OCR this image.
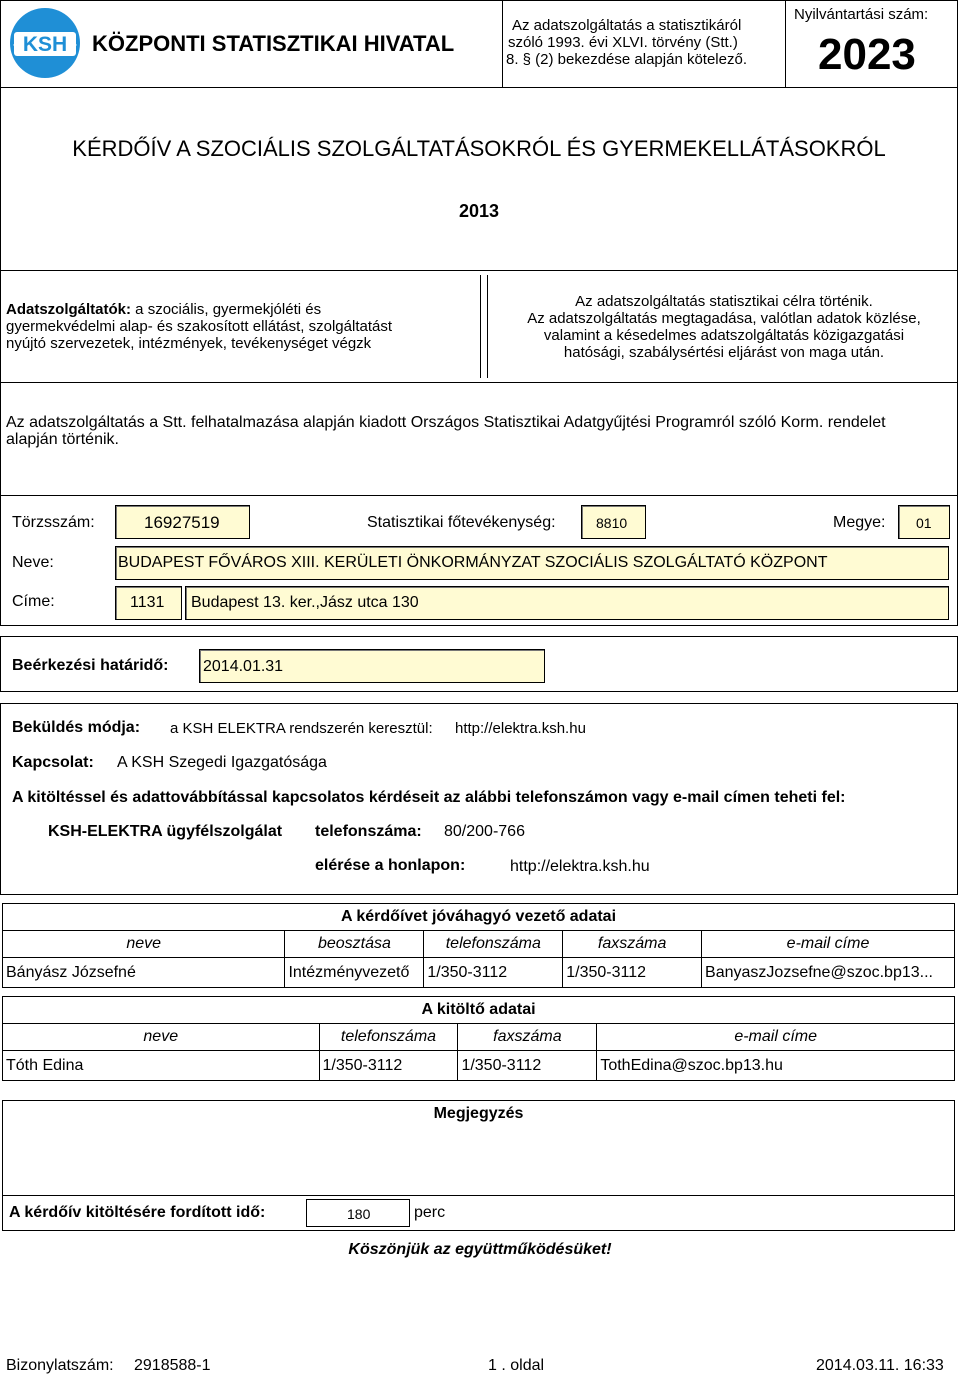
KSH KÖZPONTI STATISZTIKAI HIVATAL
Az adatszolgáltatás a statisztikáról
szóló 1993. évi XLVI. törvény (Stt.)
8. § (2) bekezdése alapján kötelező.
Nyilvántartási szám:
2023
KÉRDŐÍV A SZOCIÁLIS SZOLGÁLTATÁSOKRÓL ÉS GYERMEKELLÁTÁSOKRÓL
2013
Adatszolgáltatók: a szociális, gyermekjóléti és
gyermekvédelmi alap- és szakosított ellátást, szolgáltatást
nyújtó szervezetek, intézmények, tevékenységet végzk
Az adatszolgáltatás statisztikai célra történik.
Az adatszolgáltatás megtagadása, valótlan adatok közlése,
valamint a késedelmes adatszolgáltatás közigazgatási
hatósági, szabálysértési eljárást von maga után.
Az adatszolgáltatás a Stt. felhatalmazása alapján kiadott Országos Statisztikai Adatgyűjtési Programról szóló Korm. rendelet
alapján történik.
Törzsszám:	16927519	Statisztikai főtevékenység:	8810	Megye: 01
Neve:	BUDAPEST FŐVÁROS XIII. KERÜLETI ÖNKORMÁNYZAT SZOCIÁLIS SZOLGÁLTATÓ KÖZPONT
Címe:	1131 Budapest 13. ker.,Jász utca 130
Beérkezési határidő: 2014.01.31
Beküldés módja: a KSH ELEKTRA rendszerén keresztül: http://elektra.ksh.hu
Kapcsolat: A KSH Szegedi Igazgatósága
A kitöltéssel és adattovábbítással kapcsolatos kérdéseit az alábbi telefonszámon vagy e-mail címen teheti fel:
KSH-ELEKTRA ügyfélszolgálat telefonszáma: 80/200-766
elérése a honlapon:	http://elektra.ksh.hu
A kérdőívet jóváhagyó vezető adatai				
neve	beosztása	telefonszáma	faxszáma	e-mail címe
Bányász Józsefné	Intézményvezető	1/350-3112	1/350-3112	BanyaszJozsefne@szoc.bp13...
A kitöltő adatai			
neve	telefonszáma	faxszáma	e-mail címe
Tóth Edina	1/350-3112	1/350-3112	TothEdina@szoc.bp13.hu
Megjegyzés
A kérdőív kitöltésére fordított idő:	180	perc
Köszönjük az együttműködésüket!
Bizonylatszám: 2918588-1	1 . oldal	2014.03.11. 16:33
